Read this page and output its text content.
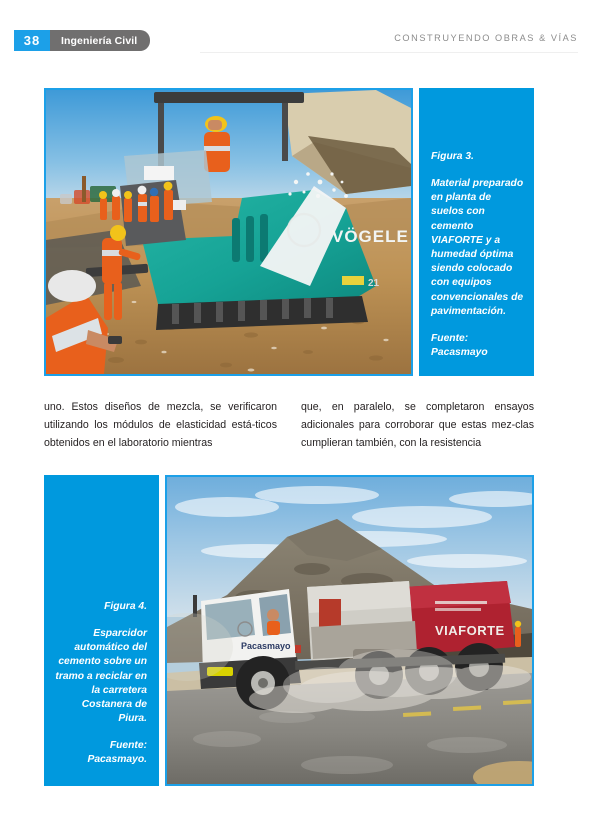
38	Ingeniería Civil	CONSTRUYENDO OBRAS & VÍAS
VÖGELE
21

Figura 3.

Material preparado en planta de suelos con cemento VIAFORTE y a humedad óptima siendo colocado con equipos convencionales de pavimentación.

Fuente:

Pacasmayo

uno. Estos diseños de mezcla, se verificaron utilizando los módulos de elasticidad está-ticos obtenidos en el laboratorio mientras
que, en paralelo, se completaron ensayos adicionales para corroborar que estas mez-clas cumplieran también, con la resistencia

Figura 4.

Esparcidor automático del cemento sobre un tramo a reciclar en la carretera Costanera de Piura.

Fuente:

Pacasmayo.

VIAFORTE
Pacasmayo
